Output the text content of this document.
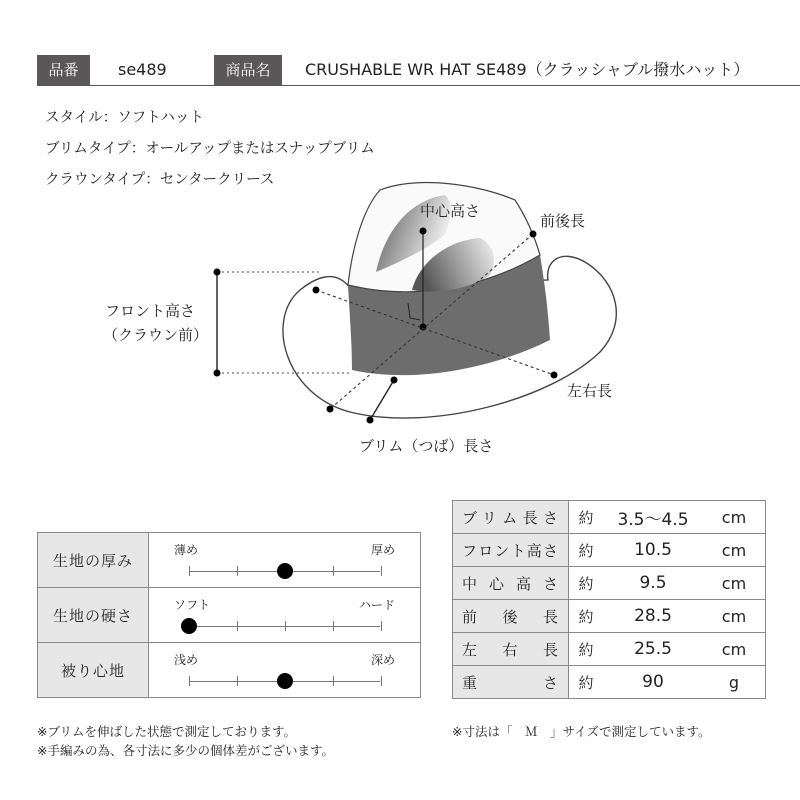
品番	se489	商品名	CRUSHABLE WR HAT SE489（クラッシャブル撥水ハット）
スタイル：ソフトハット
ブリムタイプ：オールアップまたはスナップブリム
クラウンタイプ：センタークリース
中心高さ
前後長
フロント高さ
（クラウン前）
左右長
ブリム（つば）長さ
生地の厚み	薄め 厚め

生地の硬さ	ソフト ハード

被り心地	浅め 深め
ブリム長さ	約	3.5〜4.5	cm
フロント高さ	約	10.5	cm
中心高さ	約	9.5	cm
前後長	約	28.5	cm
左右長	約	25.5	cm
重さ	約	90	g
※ブリムを伸ばした状態で測定しております。
※手編みの為、各寸法に多少の個体差がございます。
※寸法は「　Ｍ　」サイズで測定しています。
